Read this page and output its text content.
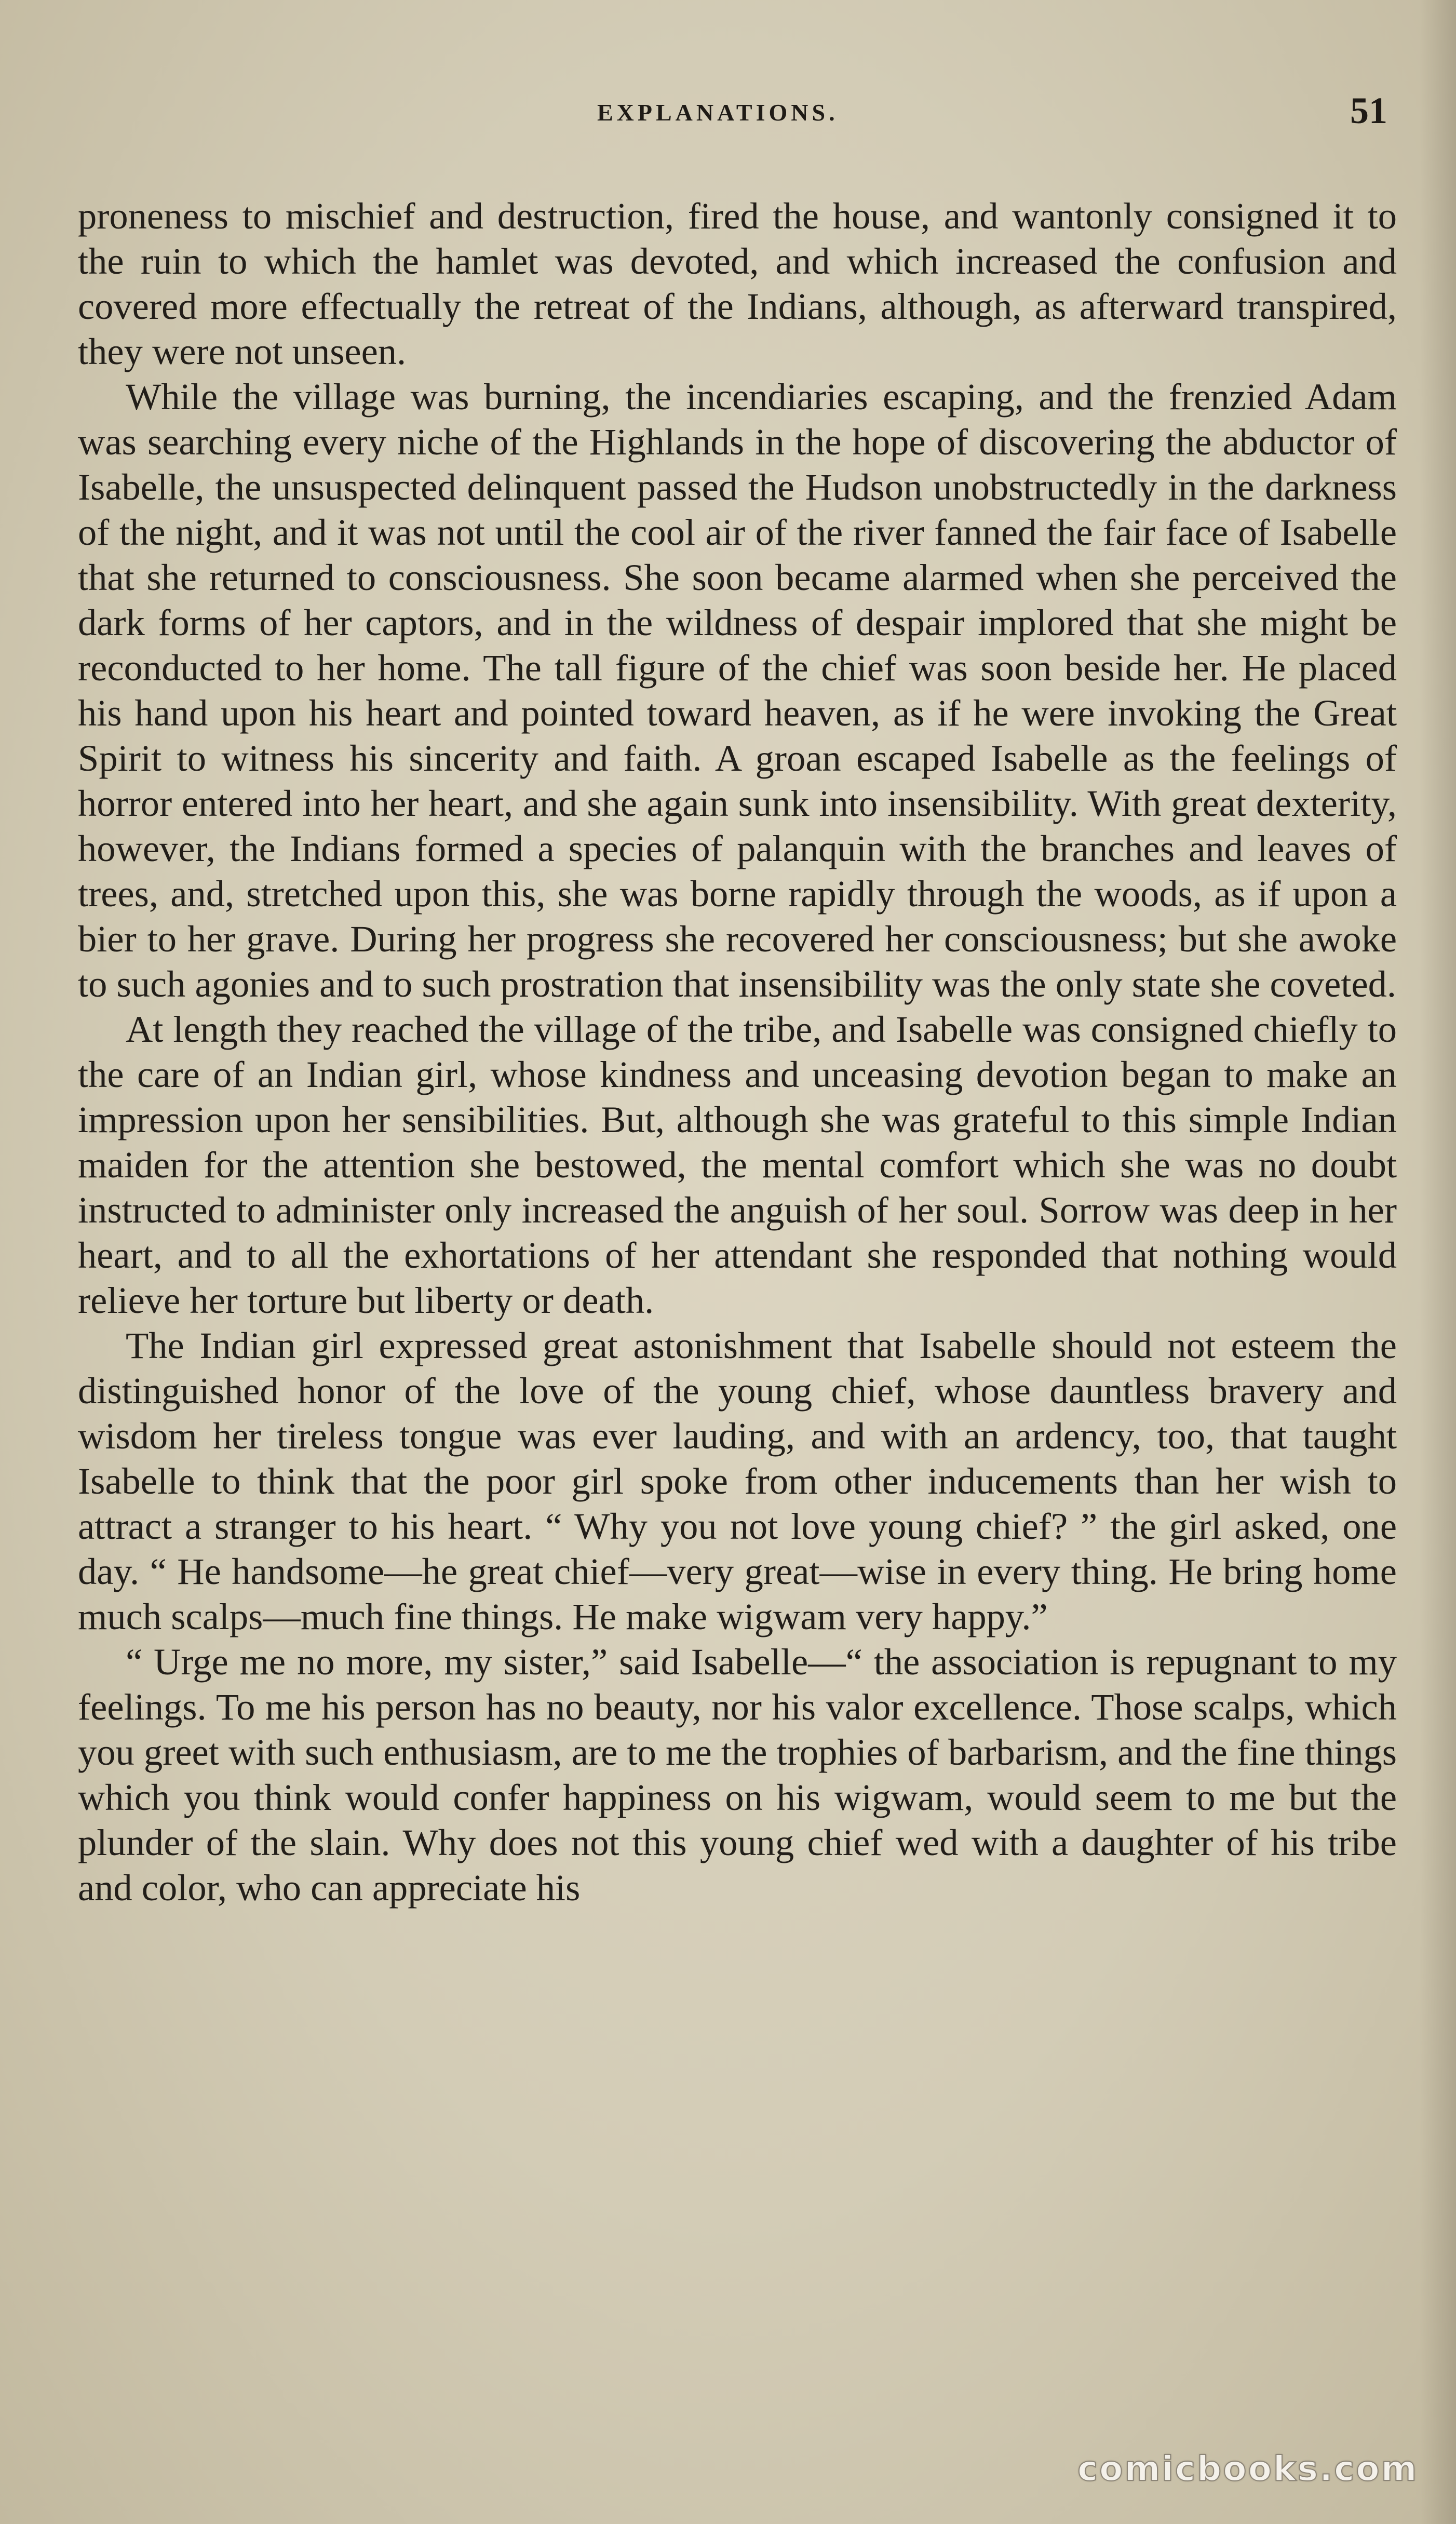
EXPLANATIONS.	51

proneness to mischief and destruction, fired the house, and wantonly consigned it to the ruin to which the hamlet was devoted, and which increased the confusion and covered more effectually the retreat of the Indians, although, as afterward transpired, they were not unseen.

While the village was burning, the incendiaries escaping, and the frenzied Adam was searching every niche of the Highlands in the hope of discovering the abductor of Isabelle, the unsuspected delinquent passed the Hudson unobstructedly in the darkness of the night, and it was not until the cool air of the river fanned the fair face of Isabelle that she returned to consciousness. She soon became alarmed when she perceived the dark forms of her captors, and in the wildness of despair implored that she might be reconducted to her home. The tall figure of the chief was soon beside her. He placed his hand upon his heart and pointed toward heaven, as if he were invoking the Great Spirit to witness his sincerity and faith. A groan escaped Isabelle as the feelings of horror entered into her heart, and she again sunk into insensibility. With great dexterity, however, the Indians formed a species of palanquin with the branches and leaves of trees, and, stretched upon this, she was borne rapidly through the woods, as if upon a bier to her grave. During her progress she recovered her consciousness; but she awoke to such agonies and to such prostration that insensibility was the only state she coveted.

At length they reached the village of the tribe, and Isabelle was consigned chiefly to the care of an Indian girl, whose kindness and unceasing devotion began to make an impression upon her sensibilities. But, although she was grateful to this simple Indian maiden for the attention she bestowed, the mental comfort which she was no doubt instructed to administer only increased the anguish of her soul. Sorrow was deep in her heart, and to all the exhortations of her attendant she responded that nothing would relieve her torture but liberty or death.

The Indian girl expressed great astonishment that Isabelle should not esteem the distinguished honor of the love of the young chief, whose dauntless bravery and wisdom her tireless tongue was ever lauding, and with an ardency, too, that taught Isabelle to think that the poor girl spoke from other inducements than her wish to attract a stranger to his heart. “ Why you not love young chief? ” the girl asked, one day. “ He handsome—he great chief—very great—wise in every thing. He bring home much scalps—much fine things. He make wigwam very happy.”

“ Urge me no more, my sister,” said Isabelle—“ the association is repugnant to my feelings. To me his person has no beauty, nor his valor excellence. Those scalps, which you greet with such enthusiasm, are to me the trophies of barbarism, and the fine things which you think would confer happiness on his wigwam, would seem to me but the plunder of the slain. Why does not this young chief wed with a daughter of his tribe and color, who can appreciate his

comicbooks.com
